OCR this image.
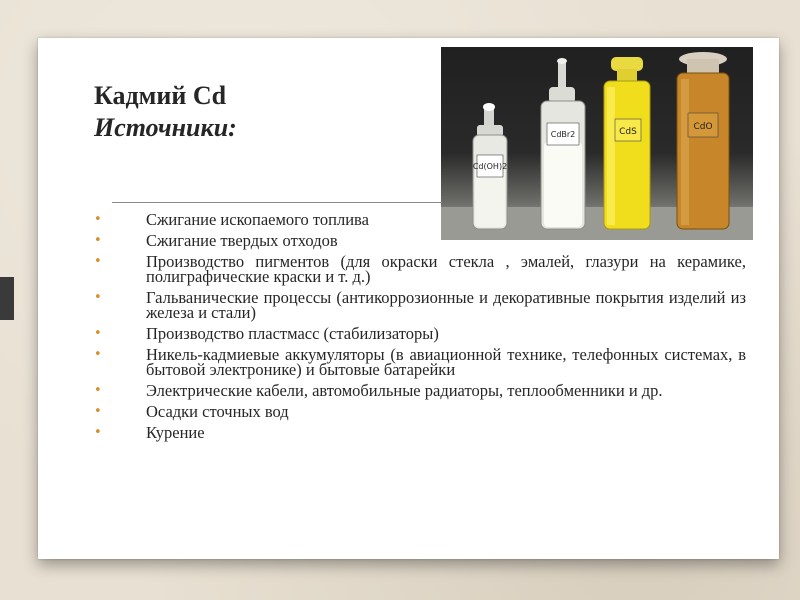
Кадмий Cd
Источники:
Cd(OH)2
CdBr2	CdS	CdO
•	Сжигание ископаемого топлива
•	Сжигание твердых отходов
•	Производство пигментов (для окраски стекла , эмалей, глазури на керамике, полиграфические краски и т. д.)
•	Гальванические процессы (антикоррозионные и декоративные покрытия изделий из железа и стали)
•	Производство пластмасс (стабилизаторы)
•	Никель-кадмиевые аккумуляторы (в авиационной технике, телефонных системах, в бытовой электронике) и бытовые батарейки
•	Электрические кабели, автомобильные радиаторы, теплообменники и др.
•	Осадки сточных вод
•	Курение
